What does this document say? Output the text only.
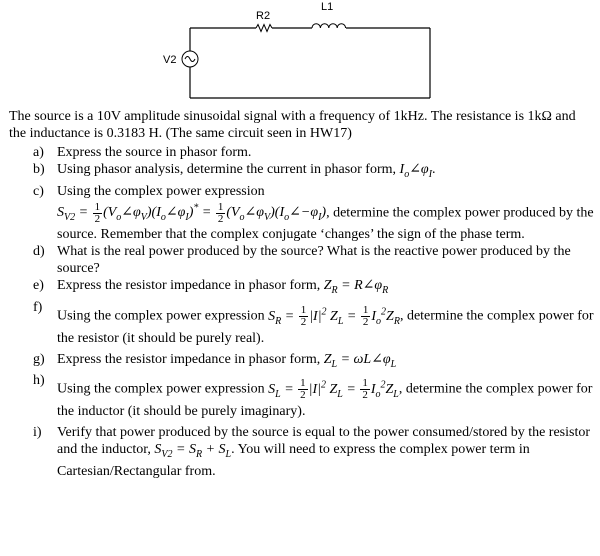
R2
L1
V2

The source is a 10V amplitude sinusoidal signal with a frequency of 1kHz. The resistance is 1kΩ and the inductance is 0.3183 H. (The same circuit seen in HW17)

a) Express the source in phasor form.
b) Using phasor analysis, determine the current in phasor form, $I_o\angle\varphi_I$.
c) Using the complex power expression
$S_{V2} = \frac{1}{2}$ $(V_o\angle\varphi_V)(I_o\angle\varphi_I)^* = \frac{1}{2}$ $(V_o\angle\varphi_V)(I_o\angle-\varphi_I)$, determine the complex power produced by the source. Remember that the complex conjugate ‘changes’ the sign of the phase term.
d) What is the real power produced by the source? What is the reactive power produced by the source?
e) Express the resistor impedance in phasor form, $Z_R$ = $R\angle\varphi_R$
f)
Using the complex power expression $S_R = \frac{1}{2} |I|^2$ $Z_L = \frac{1}{2} I_o^2Z_R$, determine the complex power for the resistor (it should be purely real).
g) Express the resistor impedance in phasor form, $Z_L$ = $\omega L\angle\varphi_L$
h)
Using the complex power expression $S_L = \frac{1}{2} |I|^2$ $Z_L = \frac{1}{2} I_o^2Z_L$, determine the complex power for the inductor (it should be purely imaginary).
i) Verify that power produced by the source is equal to the power consumed/stored by the resistor and the inductor, $S_{V2} = S_R + S_L$. You will need to express the complex power term in Cartesian/Rectangular from.
